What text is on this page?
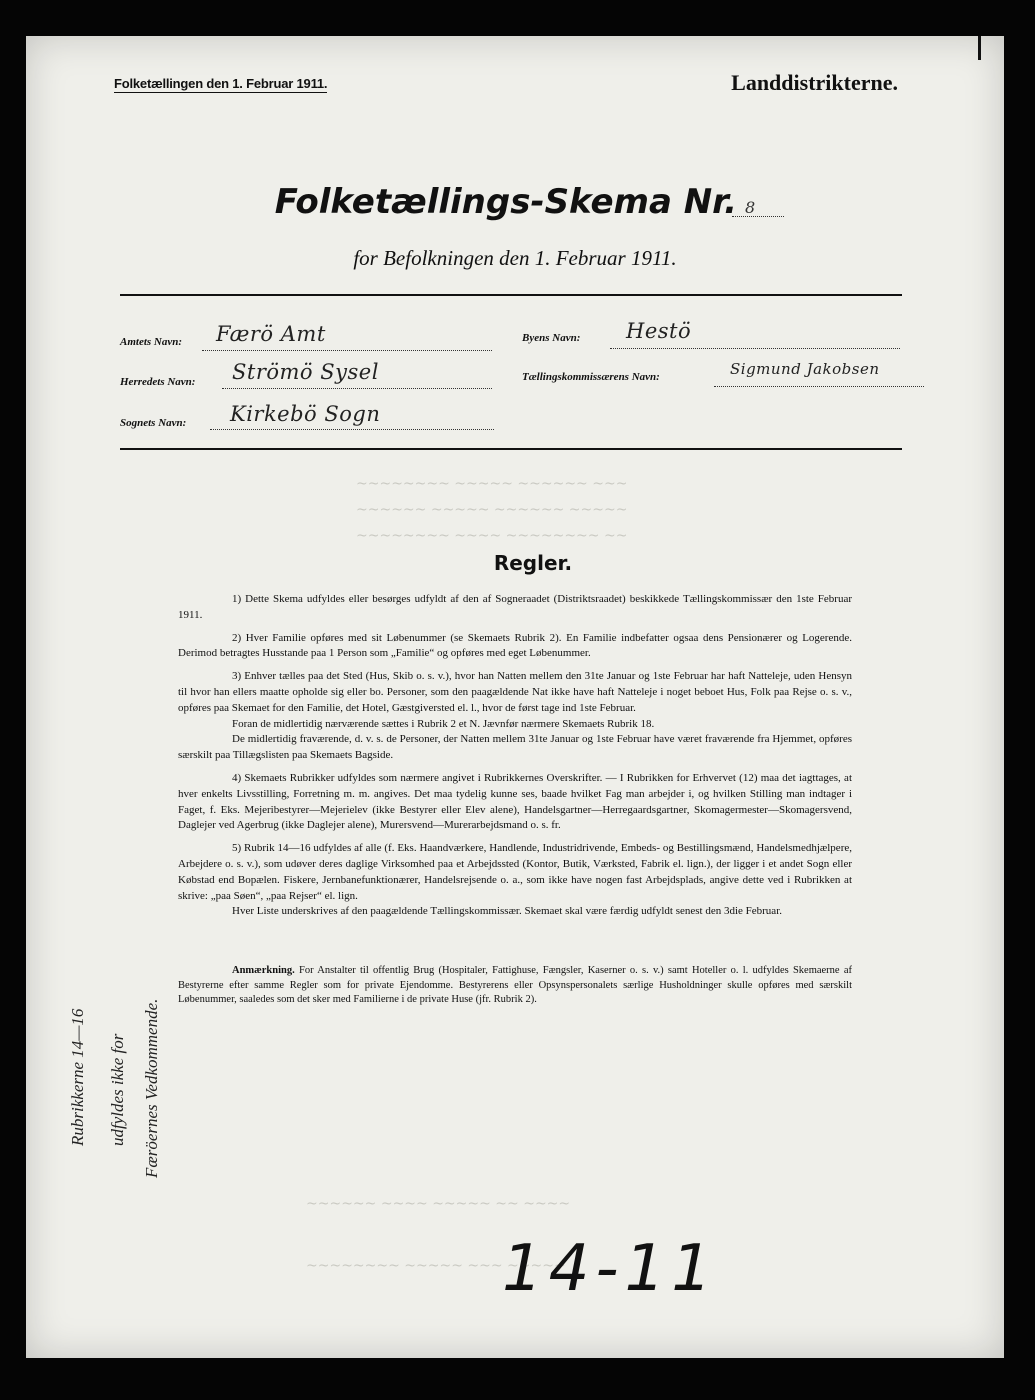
Folketællingen den 1. Februar 1911.	Landdistrikterne.
Folketællings-Skema Nr. 8
for Befolkningen den 1. Februar 1911.
Amtets Navn: Færö Amt	Byens Navn: Hestö
Herredets Navn: Strömö Sysel	Tællingskommissærens Navn:	Sigmund Jakobsen
Sognets Navn: Kirkebö Sogn
~~~~~~~~ ~~~~~ ~~~~~~ ~~~
~~~~~~ ~~~~~ ~~~~~~ ~~~~~
~~~~~~~~ ~~~~ ~~~~~~~~ ~~
~~~~~~ ~~~~ ~~~~~ ~~ ~~~~
~~~~~~~~ ~~~~~ ~~~ ~~~~~
Regler.

1) Dette Skema udfyldes eller besørges udfyldt af den af Sogneraadet (Distriktsraadet) beskikkede Tællingskommissær den 1ste Februar 1911.

2) Hver Familie opføres med sit Løbenummer (se Skemaets Rubrik 2). En Familie indbefatter ogsaa dens Pensionærer og Logerende. Derimod betragtes Husstande paa 1 Person som „Familie“ og opføres med eget Løbenummer.

3) Enhver tælles paa det Sted (Hus, Skib o. s. v.), hvor han Natten mellem den 31te Januar og 1ste Februar har haft Natteleje, uden Hensyn til hvor han ellers maatte opholde sig eller bo. Personer, som den paagældende Nat ikke have haft Natteleje i noget beboet Hus, Folk paa Rejse o. s. v., opføres paa Skemaet for den Familie, det Hotel, Gæstgiversted el. l., hvor de først tage ind 1ste Februar.

Foran de midlertidig nærværende sættes i Rubrik 2 et N. Jævnfør nærmere Skemaets Rubrik 18.

De midlertidig fraværende, d. v. s. de Personer, der Natten mellem 31te Januar og 1ste Februar have været fraværende fra Hjemmet, opføres særskilt paa Tillægslisten paa Skemaets Bagside.

4) Skemaets Rubrikker udfyldes som nærmere angivet i Rubrikkernes Overskrifter. — I Rubrikken for Erhvervet (12) maa det iagttages, at hver enkelts Livsstilling, Forretning m. m. angives. Det maa tydelig kunne ses, baade hvilket Fag man arbejder i, og hvilken Stilling man indtager i Faget, f. Eks. Mejeribestyrer—Mejerielev (ikke Bestyrer eller Elev alene), Handelsgartner—Herregaardsgartner, Skomagermester—Skomagersvend, Daglejer ved Agerbrug (ikke Daglejer alene), Murersvend—Murerarbejdsmand o. s. fr.

5) Rubrik 14—16 udfyldes af alle (f. Eks. Haandværkere, Handlende, Industridrivende, Embeds- og Bestillingsmænd, Handelsmedhjælpere, Arbejdere o. s. v.), som udøver deres daglige Virksomhed paa et Arbejdssted (Kontor, Butik, Værksted, Fabrik el. lign.), der ligger i et andet Sogn eller Købstad end Bopælen. Fiskere, Jernbanefunktionærer, Handelsrejsende o. a., som ikke have nogen fast Arbejdsplads, angive dette ved i Rubrikken at skrive: „paa Søen“, „paa Rejser“ el. lign.

Hver Liste underskrives af den paagældende Tællingskommissær. Skemaet skal være færdig udfyldt senest den 3die Februar.

Anmærkning. For Anstalter til offentlig Brug (Hospitaler, Fattighuse, Fængsler, Kaserner o. s. v.) samt Hoteller o. l. udfyldes Skemaerne af Bestyrerne efter samme Regler som for private Ejendomme. Bestyrerens eller Opsynspersonalets særlige Husholdninger skulle opføres med særskilt Løbenummer, saaledes som det sker med Familierne i de private Huse (jfr. Rubrik 2).

Rubrikkerne 14—16 udfyldes ikke for Færöernes Vedkommende.
14-11
